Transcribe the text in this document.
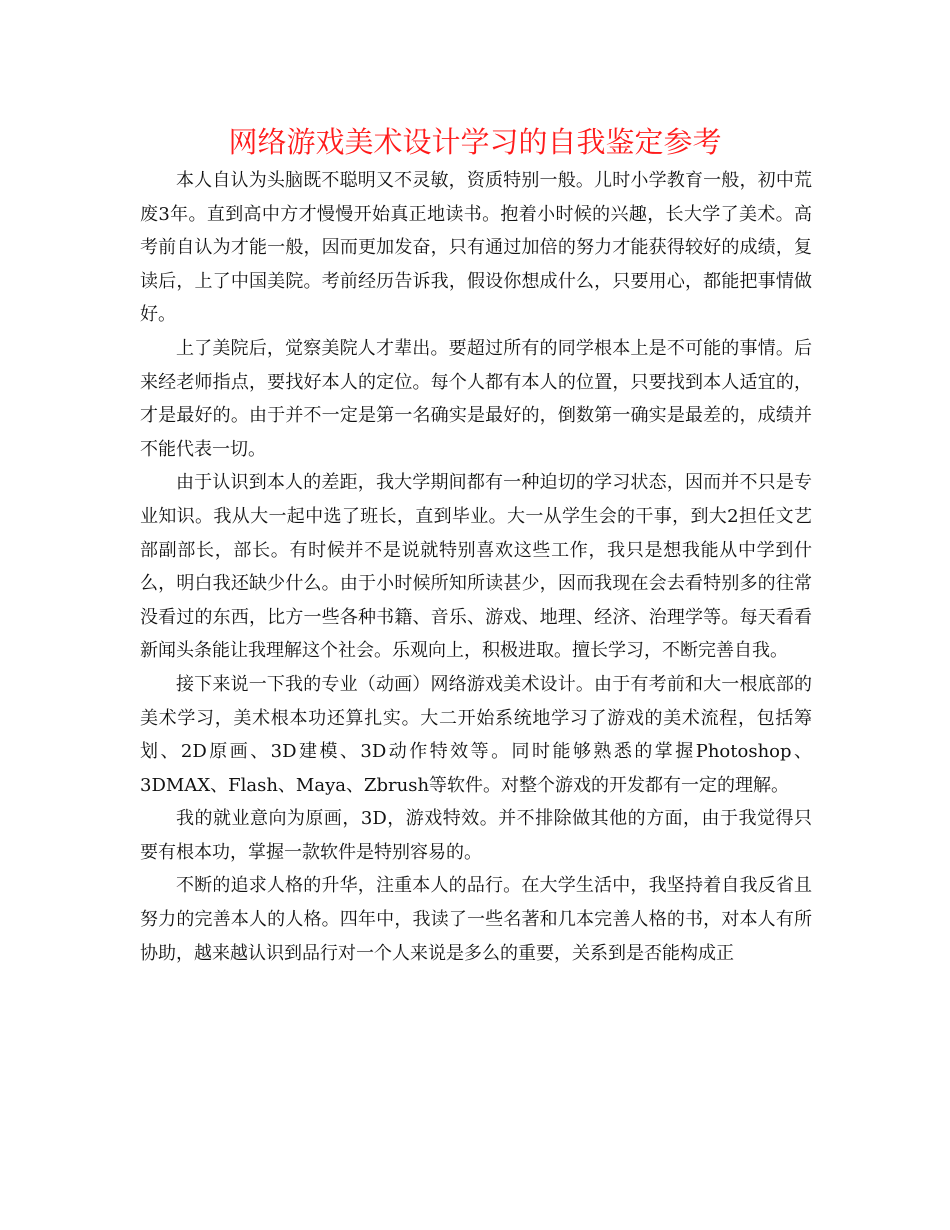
网络游戏美术设计学习的自我鉴定参考

本人自认为头脑既不聪明又不灵敏，资质特别一般。儿时小学教育一般，初中荒废3年。直到高中方才慢慢开始真正地读书。抱着小时候的兴趣，长大学了美术。高考前自认为才能一般，因而更加发奋，只有通过加倍的努力才能获得较好的成绩，复读后，上了中国美院。考前经历告诉我，假设你想成什么，只要用心，都能把事情做好。

上了美院后，觉察美院人才辈出。要超过所有的同学根本上是不可能的事情。后来经老师指点，要找好本人的定位。每个人都有本人的位置，只要找到本人适宜的，才是最好的。由于并不一定是第一名确实是最好的，倒数第一确实是最差的，成绩并不能代表一切。

由于认识到本人的差距，我大学期间都有一种迫切的学习状态，因而并不只是专业知识。我从大一起中选了班长，直到毕业。大一从学生会的干事，到大2担任文艺部副部长，部长。有时候并不是说就特别喜欢这些工作，我只是想我能从中学到什么，明白我还缺少什么。由于小时候所知所读甚少，因而我现在会去看特别多的往常没看过的东西，比方一些各种书籍、音乐、游戏、地理、经济、治理学等。每天看看新闻头条能让我理解这个社会。乐观向上，积极进取。擅长学习，不断完善自我。

接下来说一下我的专业（动画）网络游戏美术设计。由于有考前和大一根底部的美术学习，美术根本功还算扎实。大二开始系统地学习了游戏的美术流程，包括筹划、2D原画、3D建模、3D动作特效等。同时能够熟悉的掌握Photoshop、3DMAX、Flash、Maya、Zbrush等软件。对整个游戏的开发都有一定的理解。

我的就业意向为原画，3D，游戏特效。并不排除做其他的方面，由于我觉得只要有根本功，掌握一款软件是特别容易的。

不断的追求人格的升华，注重本人的品行。在大学生活中，我坚持着自我反省且努力的完善本人的人格。四年中，我读了一些名著和几本完善人格的书，对本人有所协助，越来越认识到品行对一个人来说是多么的重要，关系到是否能构成正
